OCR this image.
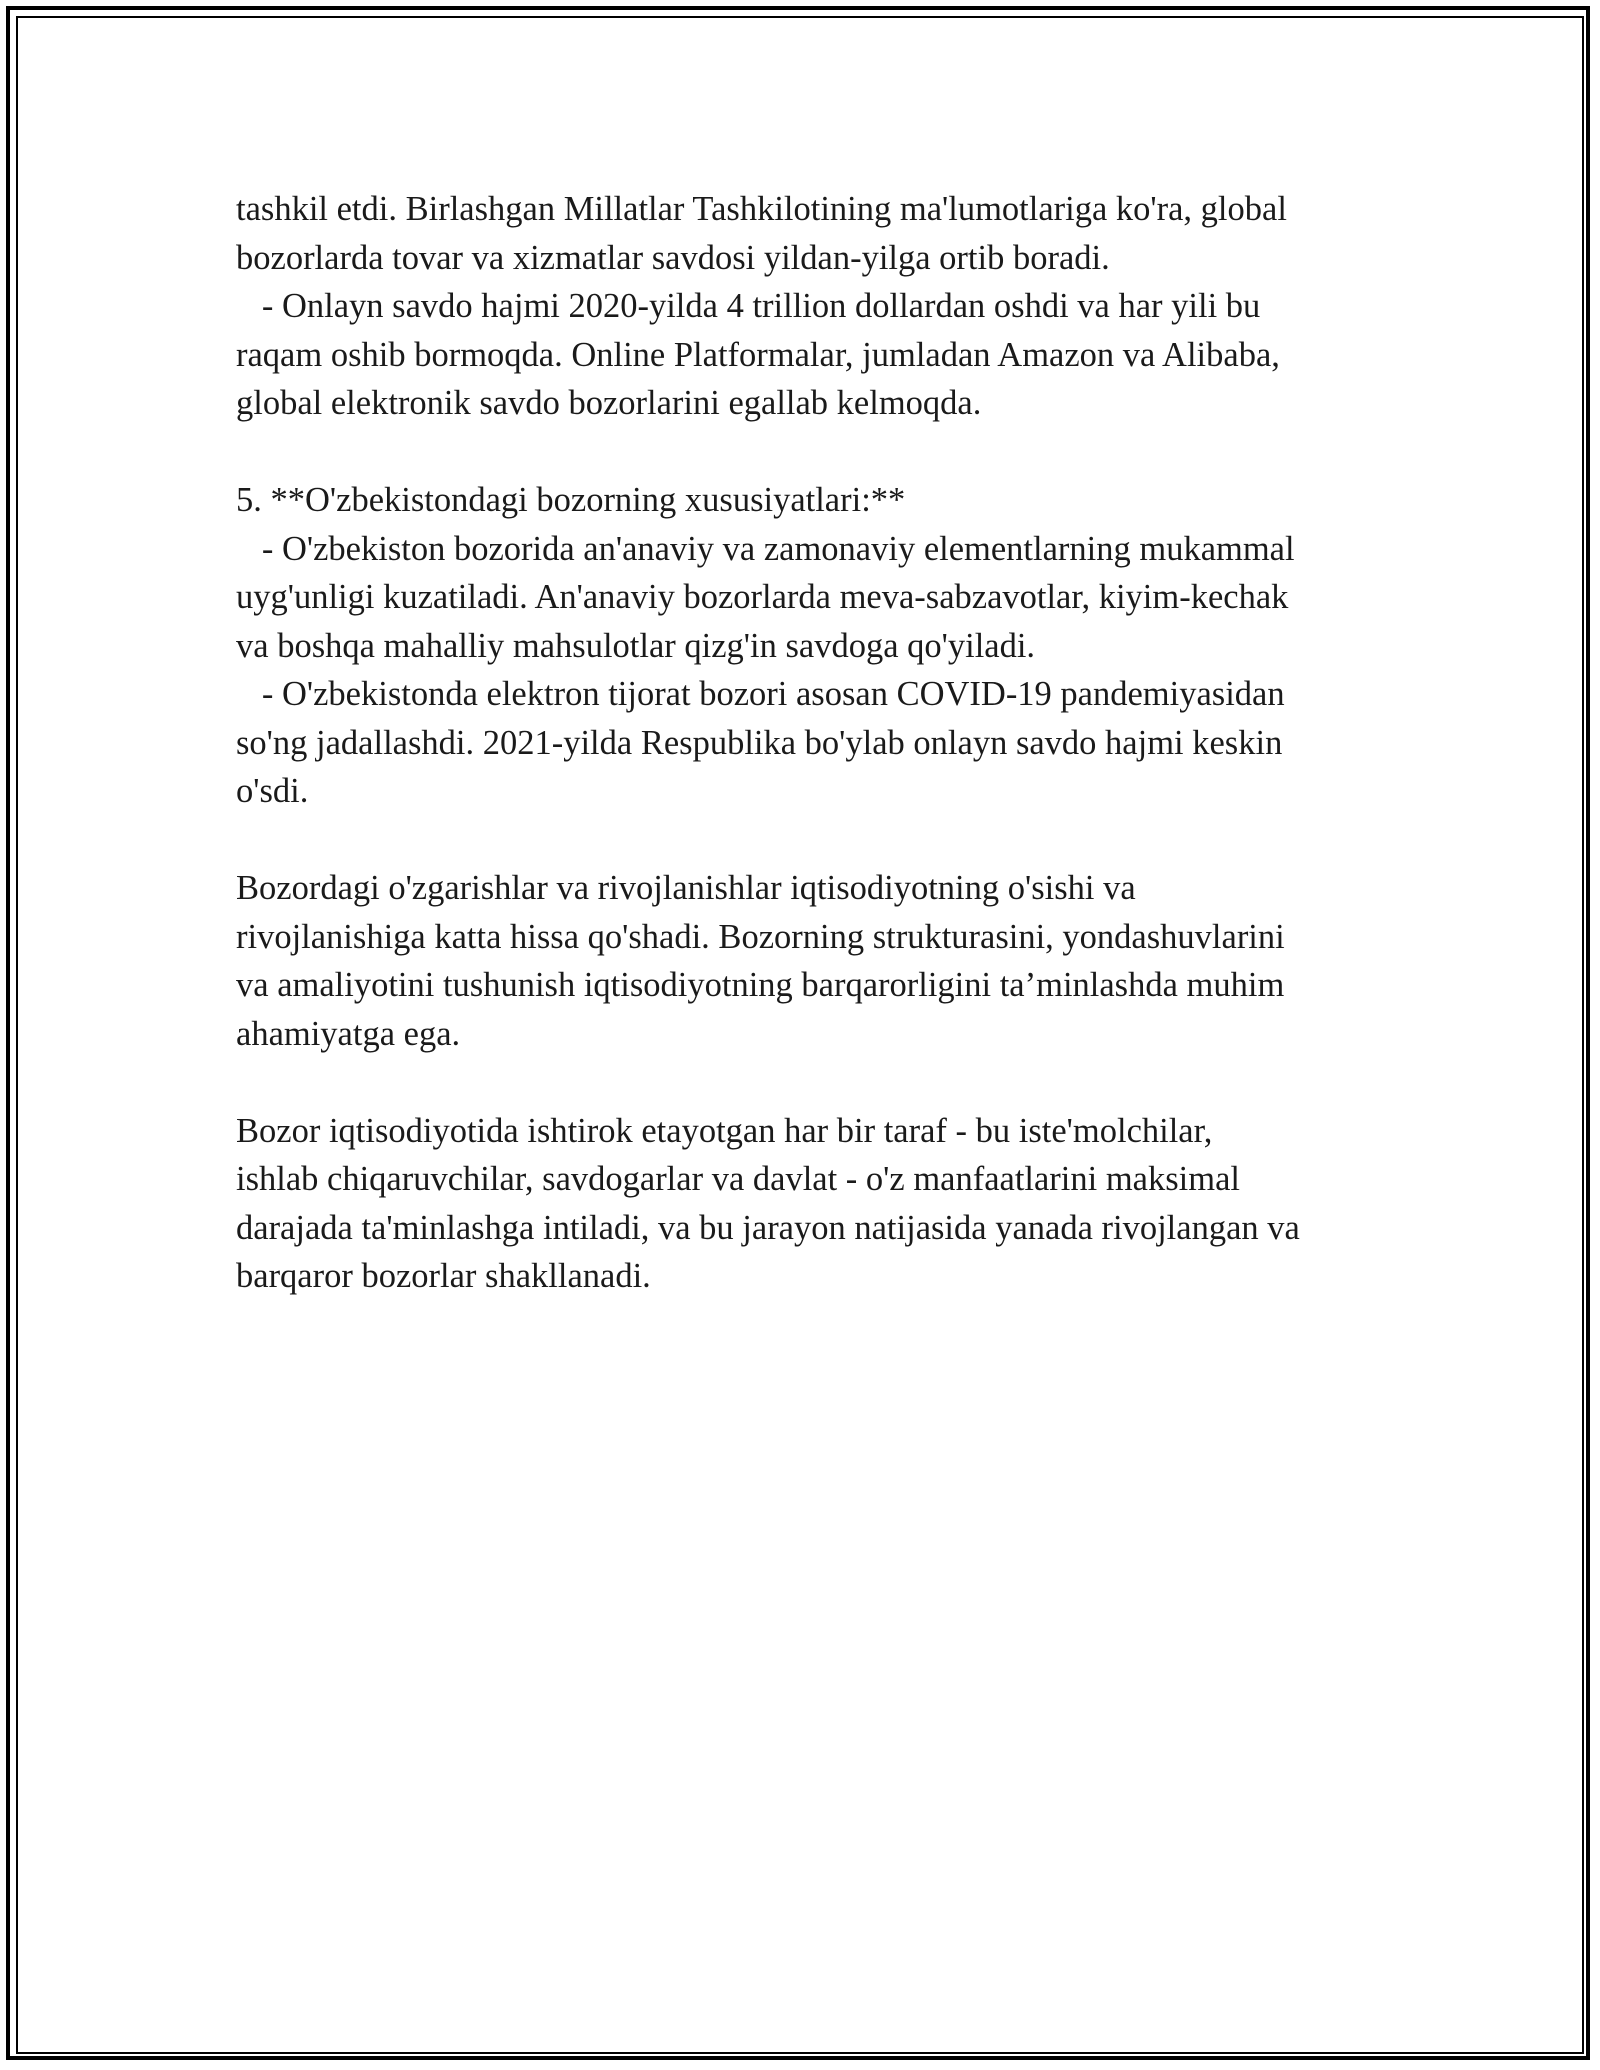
tashkil etdi. Birlashgan Millatlar Tashkilotining ma'lumotlariga ko'ra, global
bozorlarda tovar va xizmatlar savdosi yildan-yilga ortib boradi.
- Onlayn savdo hajmi 2020-yilda 4 trillion dollardan oshdi va har yili bu
raqam oshib bormoqda. Online Platformalar, jumladan Amazon va Alibaba,
global elektronik savdo bozorlarini egallab kelmoqda.
5. **O'zbekistondagi bozorning xususiyatlari:**
- O'zbekiston bozorida an'anaviy va zamonaviy elementlarning mukammal
uyg'unligi kuzatiladi. An'anaviy bozorlarda meva-sabzavotlar, kiyim-kechak
va boshqa mahalliy mahsulotlar qizg'in savdoga qo'yiladi.
- O'zbekistonda elektron tijorat bozori asosan COVID-19 pandemiyasidan
so'ng jadallashdi. 2021-yilda Respublika bo'ylab onlayn savdo hajmi keskin
o'sdi.
Bozordagi o'zgarishlar va rivojlanishlar iqtisodiyotning o'sishi va
rivojlanishiga katta hissa qo'shadi. Bozorning strukturasini, yondashuvlarini
va amaliyotini tushunish iqtisodiyotning barqarorligini ta’minlashda muhim
ahamiyatga ega.
Bozor iqtisodiyotida ishtirok etayotgan har bir taraf - bu iste'molchilar,
ishlab chiqaruvchilar, savdogarlar va davlat - o'z manfaatlarini maksimal
darajada ta'minlashga intiladi, va bu jarayon natijasida yanada rivojlangan va
barqaror bozorlar shakllanadi.
